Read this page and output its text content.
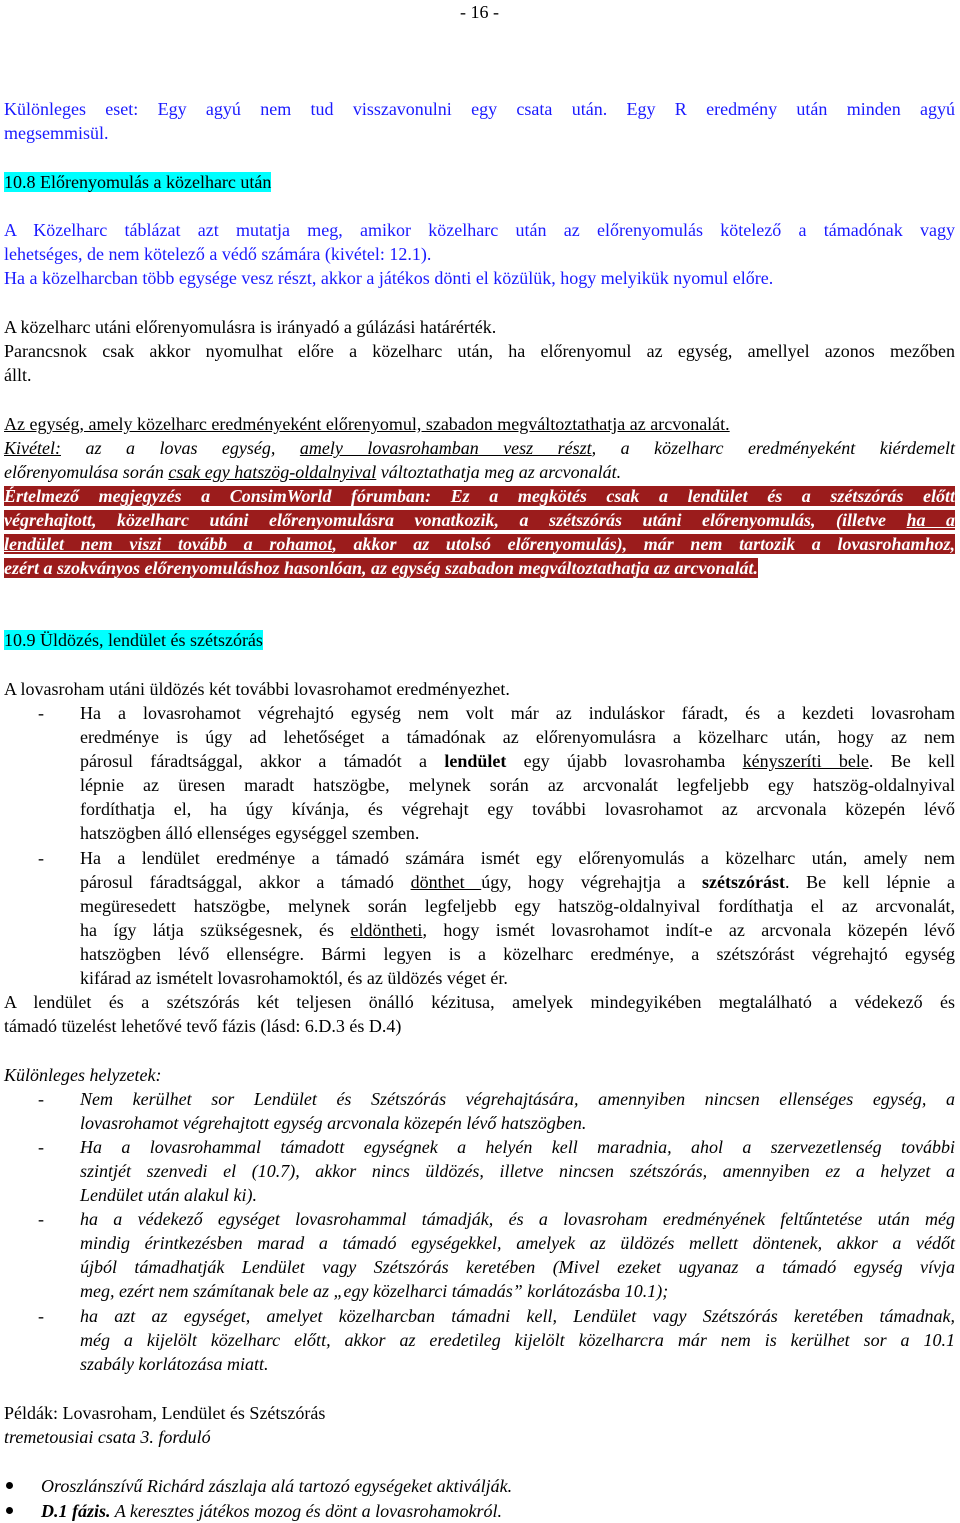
- 16 -
Különleges eset: Egy agyú nem tud visszavonulni egy csata után. Egy R eredmény után minden agyú
megsemmisül.
10.8 Előrenyomulás a közelharc után
A Közelharc táblázat azt mutatja meg, amikor közelharc után az előrenyomulás kötelező a támadónak vagy
lehetséges, de nem kötelező a védő számára (kivétel: 12.1).
Ha a közelharcban több egysége vesz részt, akkor a játékos dönti el közülük, hogy melyikük nyomul előre.
A közelharc utáni előrenyomulásra is irányadó a gúlázási határérték.
Parancsnok csak akkor nyomulhat előre a közelharc után, ha előrenyomul az egység, amellyel azonos mezőben
állt.
Az egység, amely közelharc eredményeként előrenyomul, szabadon megváltoztathatja az arcvonalát.
Kivétel: az a lovas egység, amely lovasrohamban vesz részt, a közelharc eredményeként kiérdemelt
előrenyomulása során csak egy hatszög-oldalnyival változtathatja meg az arcvonalát.
Értelmező megjegyzés a ConsimWorld fórumban: Ez a megkötés csak a lendület és a szétszórás előtt
végrehajtott, közelharc utáni előrenyomulásra vonatkozik, a szétszórás utáni előrenyomulás, (illetve ha a
lendület nem viszi tovább a rohamot, akkor az utolsó előrenyomulás), már nem tartozik a lovasrohamhoz,
ezért a szokványos előrenyomuláshoz hasonlóan, az egység szabadon megváltoztathatja az arcvonalát.
10.9 Üldözés, lendület és szétszórás
A lovasroham utáni üldözés két további lovasrohamot eredményezhet.
- Ha a lovasrohamot végrehajtó egység nem volt már az induláskor fáradt, és a kezdeti lovasroham
eredménye is úgy ad lehetőséget a támadónak az előrenyomulásra a közelharc után, hogy az nem
párosul fáradtsággal, akkor a támadót a lendület egy újabb lovasrohamba kényszeríti bele. Be kell
lépnie az üresen maradt hatszögbe, melynek során az arcvonalát legfeljebb egy hatszög-oldalnyival
fordíthatja el, ha úgy kívánja, és végrehajt egy további lovasrohamot az arcvonala közepén lévő
hatszögben álló ellenséges egységgel szemben.
- Ha a lendület eredménye a támadó számára ismét egy előrenyomulás a közelharc után, amely nem
párosul fáradtsággal, akkor a támadó dönthet úgy, hogy végrehajtja a szétszórást. Be kell lépnie a
megüresedett hatszögbe, melynek során legfeljebb egy hatszög-oldalnyival fordíthatja el az arcvonalát,
ha így látja szükségesnek, és eldöntheti, hogy ismét lovasrohamot indít-e az arcvonala közepén lévő
hatszögben lévő ellenségre. Bármi legyen is a közelharc eredménye, a szétszórást végrehajtó egység
kifárad az ismételt lovasrohamoktól, és az üldözés véget ér.
A lendület és a szétszórás két teljesen önálló kézitusa, amelyek mindegyikében megtalálható a védekező és
támadó tüzelést lehetővé tevő fázis (lásd: 6.D.3 és D.4)
Különleges helyzetek:
- Nem kerülhet sor Lendület és Szétszórás végrehajtására, amennyiben nincsen ellenséges egység, a
lovasrohamot végrehajtott egység arcvonala közepén lévő hatszögben.
- Ha a lovasrohammal támadott egységnek a helyén kell maradnia, ahol a szervezetlenség további
szintjét szenvedi el (10.7), akkor nincs üldözés, illetve nincsen szétszórás, amennyiben ez a helyzet a
Lendület után alakul ki).
- ha a védekező egységet lovasrohammal támadják, és a lovasroham eredményének feltűntetése után még
mindig érintkezésben marad a támadó egységekkel, amelyek az üldözés mellett döntenek, akkor a védőt
újból támadhatják Lendület vagy Szétszórás keretében (Mivel ezeket ugyanaz a támadó egység vívja
meg, ezért nem számítanak bele az „egy közelharci támadás” korlátozásba 10.1);
- ha azt az egységet, amelyet közelharcban támadni kell, Lendület vagy Szétszórás keretében támadnak,
még a kijelölt közelharc előtt, akkor az eredetileg kijelölt közelharcra már nem is kerülhet sor a 10.1
szabály korlátozása miatt.
Példák: Lovasroham, Lendület és Szétszórás
tremetousiai csata 3. forduló
Oroszlánszívű Richárd zászlaja alá tartozó egységeket aktiválják.
D.1 fázis. A keresztes játékos mozog és dönt a lovasrohamokról.
